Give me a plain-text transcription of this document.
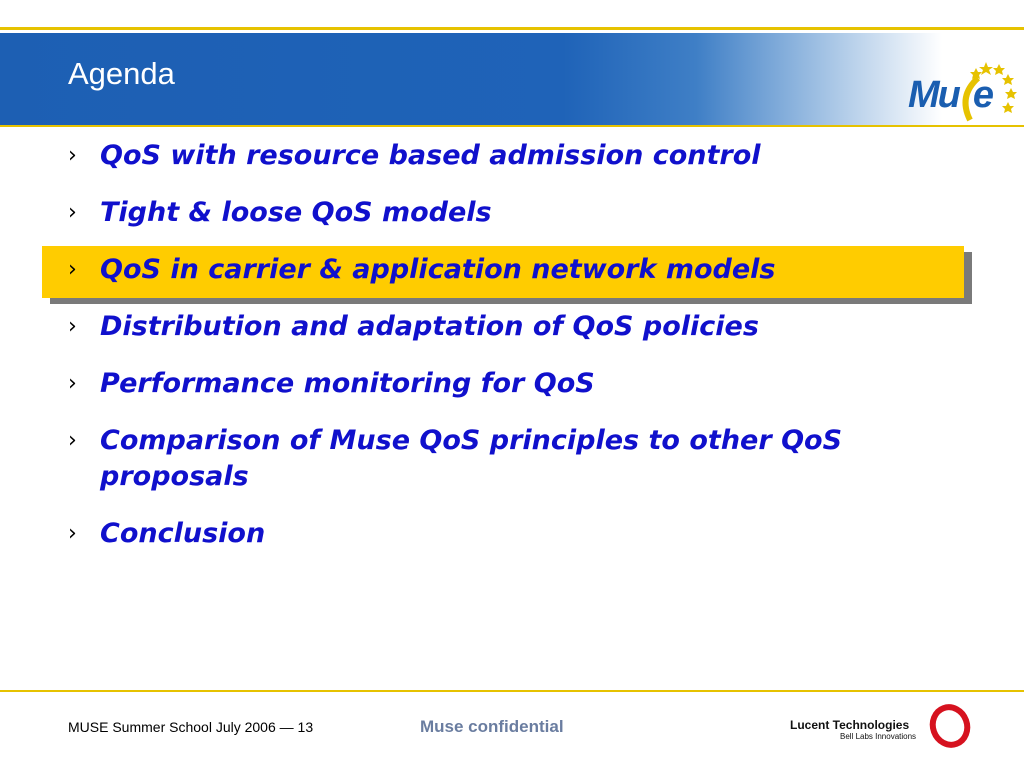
Agenda
Mu e
› QoS with resource based admission control
› Tight & loose QoS models
› QoS in carrier & application network models
› Distribution and adaptation of QoS policies
› Performance monitoring for QoS
› Comparison of Muse QoS principles to other QoS proposals
› Conclusion
MUSE Summer School July 2006 — 13	Muse confidential	Lucent Technologies
Bell Labs Innovations
